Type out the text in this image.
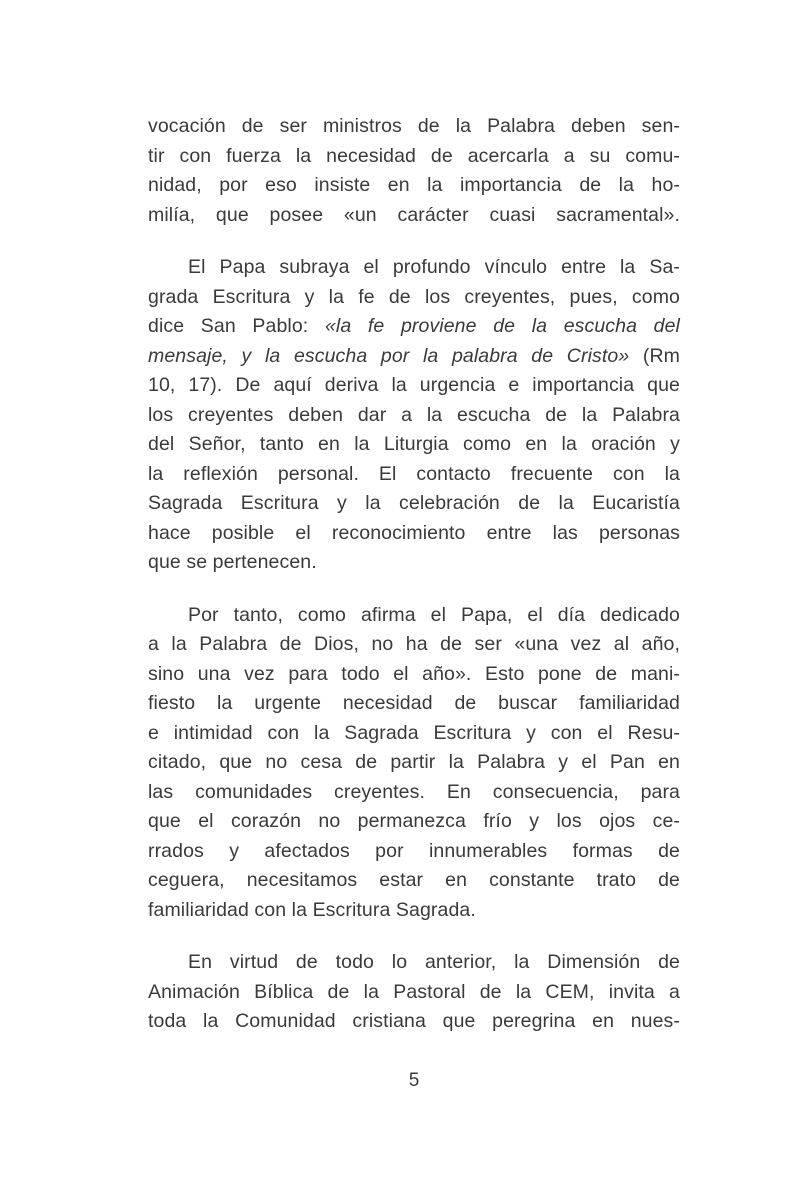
vocación de ser ministros de la Palabra deben sen-
tir con fuerza la necesidad de acercarla a su comu-
nidad, por eso insiste en la importancia de la ho-
milía, que posee «un carácter cuasi sacramental».
El Papa subraya el profundo vínculo entre la Sa-
grada Escritura y la fe de los creyentes, pues, como
dice San Pablo: «la fe proviene de la escucha del
mensaje, y la escucha por la palabra de Cristo» (Rm
10, 17). De aquí deriva la urgencia e importancia que
los creyentes deben dar a la escucha de la Palabra
del Señor, tanto en la Liturgia como en la oración y
la reflexión personal. El contacto frecuente con la
Sagrada Escritura y la celebración de la Eucaristía
hace posible el reconocimiento entre las personas
que se pertenecen.
Por tanto, como afirma el Papa, el día dedicado
a la Palabra de Dios, no ha de ser «una vez al año,
sino una vez para todo el año». Esto pone de mani-
fiesto la urgente necesidad de buscar familiaridad
e intimidad con la Sagrada Escritura y con el Resu-
citado, que no cesa de partir la Palabra y el Pan en
las comunidades creyentes. En consecuencia, para
que el corazón no permanezca frío y los ojos ce-
rrados y afectados por innumerables formas de
ceguera, necesitamos estar en constante trato de
familiaridad con la Escritura Sagrada.
En virtud de todo lo anterior, la Dimensión de
Animación Bíblica de la Pastoral de la CEM, invita a
toda la Comunidad cristiana que peregrina en nues-
5
